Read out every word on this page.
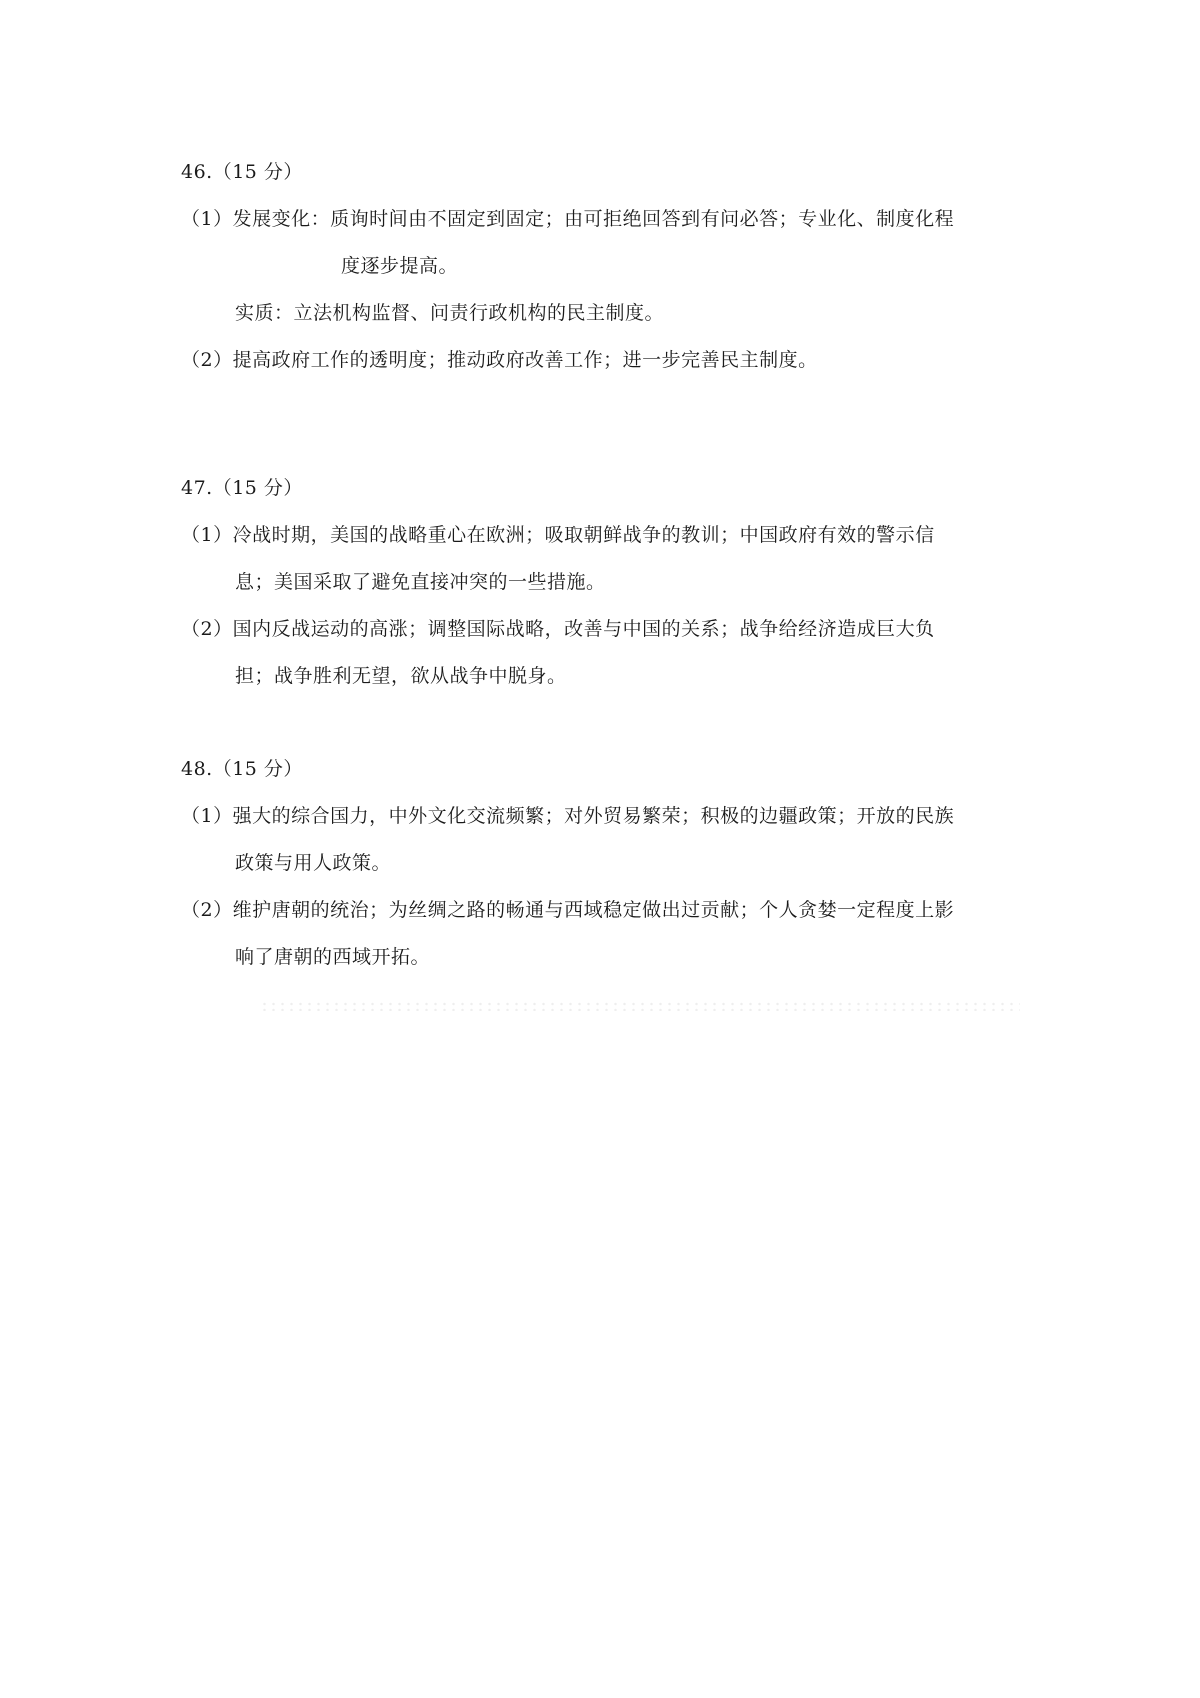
46.（15 分）
（1）发展变化：质询时间由不固定到固定；由可拒绝回答到有问必答；专业化、制度化程
度逐步提高。
实质：立法机构监督、问责行政机构的民主制度。
（2）提高政府工作的透明度；推动政府改善工作；进一步完善民主制度。
47.（15 分）
（1）冷战时期，美国的战略重心在欧洲；吸取朝鲜战争的教训；中国政府有效的警示信
息；美国采取了避免直接冲突的一些措施。
（2）国内反战运动的高涨；调整国际战略，改善与中国的关系；战争给经济造成巨大负
担；战争胜利无望，欲从战争中脱身。
48.（15 分）
（1）强大的综合国力，中外文化交流频繁；对外贸易繁荣；积极的边疆政策；开放的民族
政策与用人政策。
（2）维护唐朝的统治；为丝绸之路的畅通与西域稳定做出过贡献；个人贪婪一定程度上影
响了唐朝的西域开拓。
